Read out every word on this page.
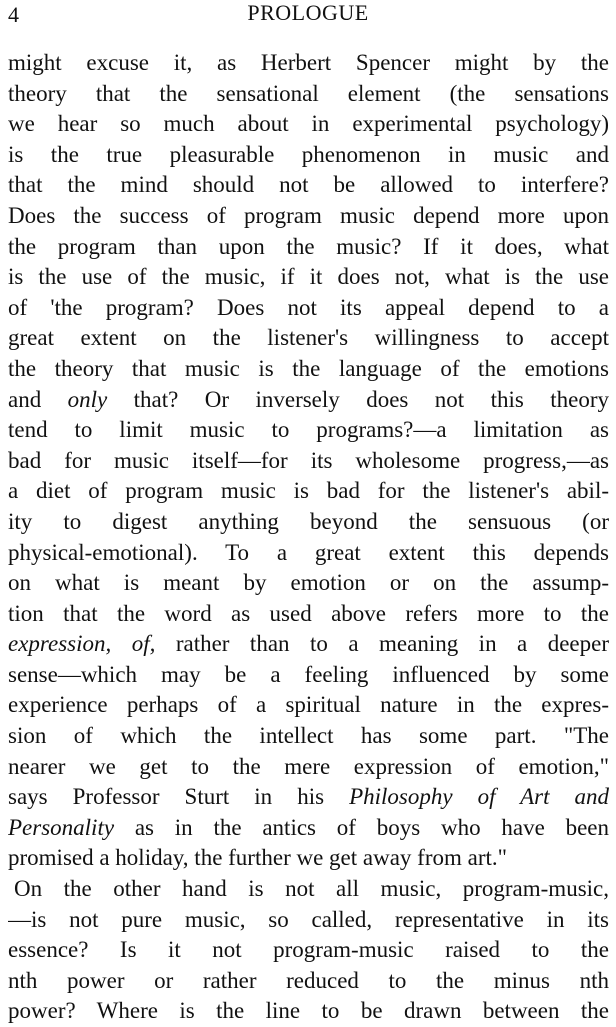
4	PROLOGUE
might excuse it, as Herbert Spencer might by the
theory that the sensational element (the sensations
we hear so much about in experimental psychology)
is the true pleasurable phenomenon in music and
that the mind should not be allowed to interfere?
Does the success of program music depend more upon
the program than upon the music? If it does, what
is the use of the music, if it does not, what is the use
of 'the program? Does not its appeal depend to a
great extent on the listener's willingness to accept
the theory that music is the language of the emotions
and only that? Or inversely does not this theory
tend to limit music to programs?—a limitation as
bad for music itself—for its wholesome progress,—as
a diet of program music is bad for the listener's abil-
ity to digest anything beyond the sensuous (or
physical-emotional). To a great extent this depends
on what is meant by emotion or on the assump-
tion that the word as used above refers more to the
expression, of, rather than to a meaning in a deeper
sense—which may be a feeling influenced by some
experience perhaps of a spiritual nature in the expres-
sion of which the intellect has some part. "The
nearer we get to the mere expression of emotion,"
says Professor Sturt in his Philosophy of Art and
Personality as in the antics of boys who have been
promised a holiday, the further we get away from art."
On the other hand is not all music, program-music,
—is not pure music, so called, representative in its
essence? Is it not program-music raised to the
nth power or rather reduced to the minus nth
power? Where is the line to be drawn between the
